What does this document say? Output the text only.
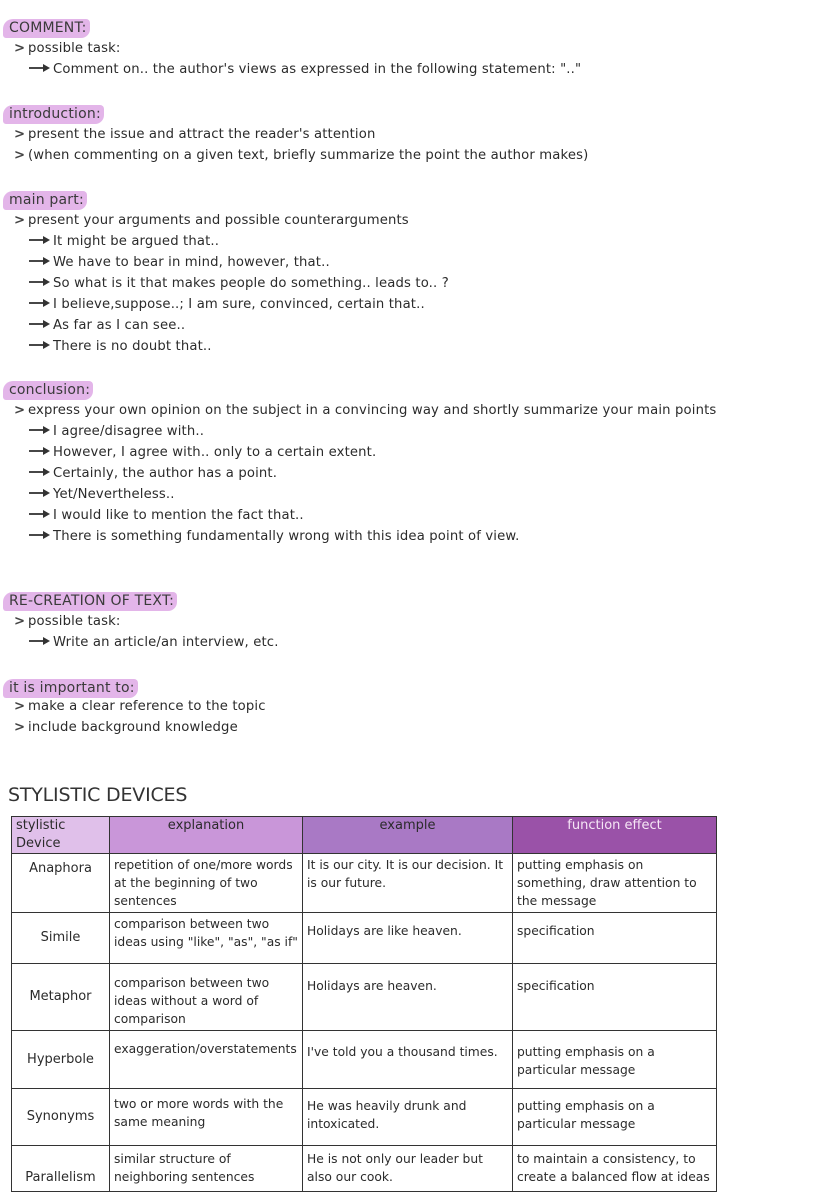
COMMENT:
> possible task:
Comment on.. the author's views as expressed in the following statement: ".."
introduction:
> present the issue and attract the reader's attention
> (when commenting on a given text, briefly summarize the point the author makes)
main part:
> present your arguments and possible counterarguments
It might be argued that..
We have to bear in mind, however, that..
So what is it that makes people do something.. leads to.. ?
I believe,suppose..; I am sure, convinced, certain that..
As far as I can see..
There is no doubt that..
conclusion:
> express your own opinion on the subject in a convincing way and shortly summarize your main points
I agree/disagree with..
However, I agree with.. only to a certain extent.
Certainly, the author has a point.
Yet/Nevertheless..
I would like to mention the fact that..
There is something fundamentally wrong with this idea point of view.
RE-CREATION OF TEXT:
> possible task:
Write an article/an interview, etc.
it is important to:
> make a clear reference to the topic
> include background knowledge
STYLISTIC DEVICES
stylistic Device	explanation	example	function effect
Anaphora	repetition of one/more words at the beginning of two sentences	It is our city. It is our decision. It is our future.	putting emphasis on something, draw attention to the message
Simile	comparison between two ideas using "like", "as", "as if"	Holidays are like heaven.	specification
Metaphor	comparison between two ideas without a word of comparison	Holidays are heaven.	specification
Hyperbole	exaggeration/overstatements	I've told you a thousand times.	putting emphasis on a particular message
Synonyms	two or more words with the same meaning	He was heavily drunk and intoxicated.	putting emphasis on a particular message
Parallelism	similar structure of neighboring sentences	He is not only our leader but also our cook.	to maintain a consistency, to create a balanced flow at ideas
